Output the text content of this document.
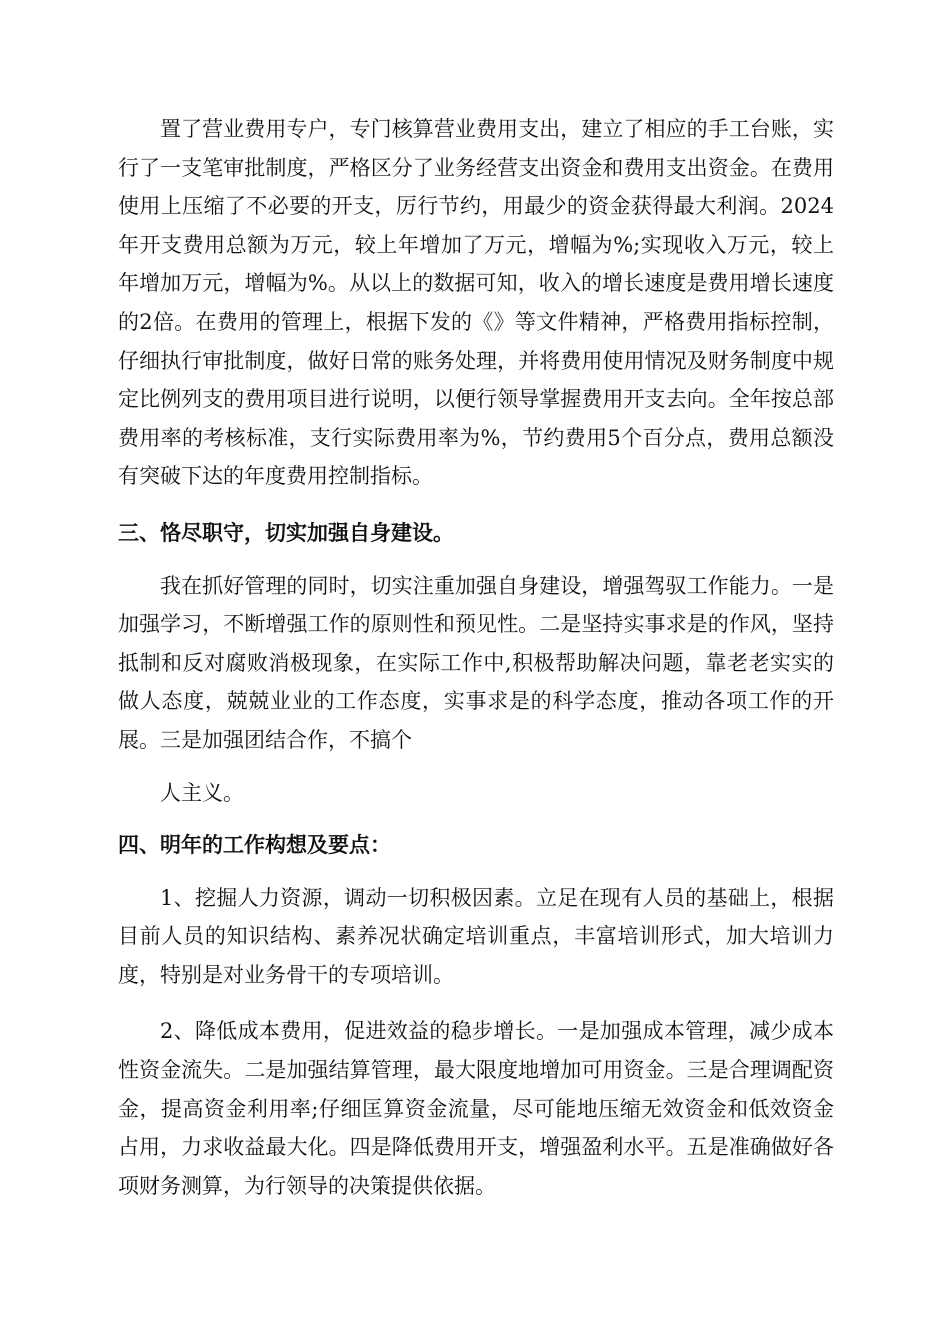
置了营业费用专户，专门核算营业费用支出，建立了相应的手工台账，实行了一支笔审批制度，严格区分了业务经营支出资金和费用支出资金。在费用使用上压缩了不必要的开支，厉行节约，用最少的资金获得最大利润。2024年开支费用总额为万元，较上年增加了万元，增幅为%;实现收入万元，较上年增加万元，增幅为%。从以上的数据可知，收入的增长速度是费用增长速度的2倍。在费用的管理上，根据下发的《》等文件精神，严格费用指标控制，仔细执行审批制度，做好日常的账务处理，并将费用使用情况及财务制度中规定比例列支的费用项目进行说明，以便行领导掌握费用开支去向。全年按总部费用率的考核标准，支行实际费用率为%，节约费用5个百分点，费用总额没有突破下达的年度费用控制指标。

三、恪尽职守，切实加强自身建设。

我在抓好管理的同时，切实注重加强自身建设，增强驾驭工作能力。一是加强学习，不断增强工作的原则性和预见性。二是坚持实事求是的作风，坚持抵制和反对腐败消极现象，在实际工作中,积极帮助解决问题，靠老老实实的做人态度，兢兢业业的工作态度，实事求是的科学态度，推动各项工作的开展。三是加强团结合作，不搞个

人主义。

四、明年的工作构想及要点：

1、挖掘人力资源，调动一切积极因素。立足在现有人员的基础上，根据目前人员的知识结构、素养况状确定培训重点，丰富培训形式，加大培训力度，特别是对业务骨干的专项培训。

2、降低成本费用，促进效益的稳步增长。一是加强成本管理，减少成本性资金流失。二是加强结算管理，最大限度地增加可用资金。三是合理调配资金，提高资金利用率;仔细匡算资金流量，尽可能地压缩无效资金和低效资金占用，力求收益最大化。四是降低费用开支，增强盈利水平。五是准确做好各项财务测算，为行领导的决策提供依据。
